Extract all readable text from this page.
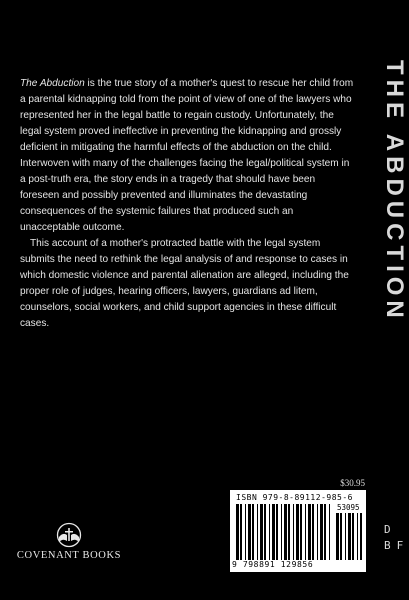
The Abduction is the true story of a mother's quest to rescue her child from a parental kidnapping told from the point of view of one of the lawyers who represented her in the legal battle to regain custody. Unfortunately, the legal system proved ineffective in preventing the kidnapping and grossly deficient in mitigating the harmful effects of the abduction on the child. Interwoven with many of the challenges facing the legal/political system in a post-truth era, the story ends in a tragedy that should have been foreseen and possibly prevented and illuminates the devastating consequences of the systemic failures that produced such an unacceptable outcome.

This account of a mother's protracted battle with the legal system submits the need to rethink the legal analysis of and response to cases in which domestic violence and parental alienation are alleged, including the proper role of judges, hearing officers, lawyers, guardians ad litem, counselors, social workers, and child support agencies in these difficult cases.

THE ABDUCTION
D
BF
$30.95
ISBN 979-8-89112-985-6
53095
9 798891 129856
COVENANT BOOKS
